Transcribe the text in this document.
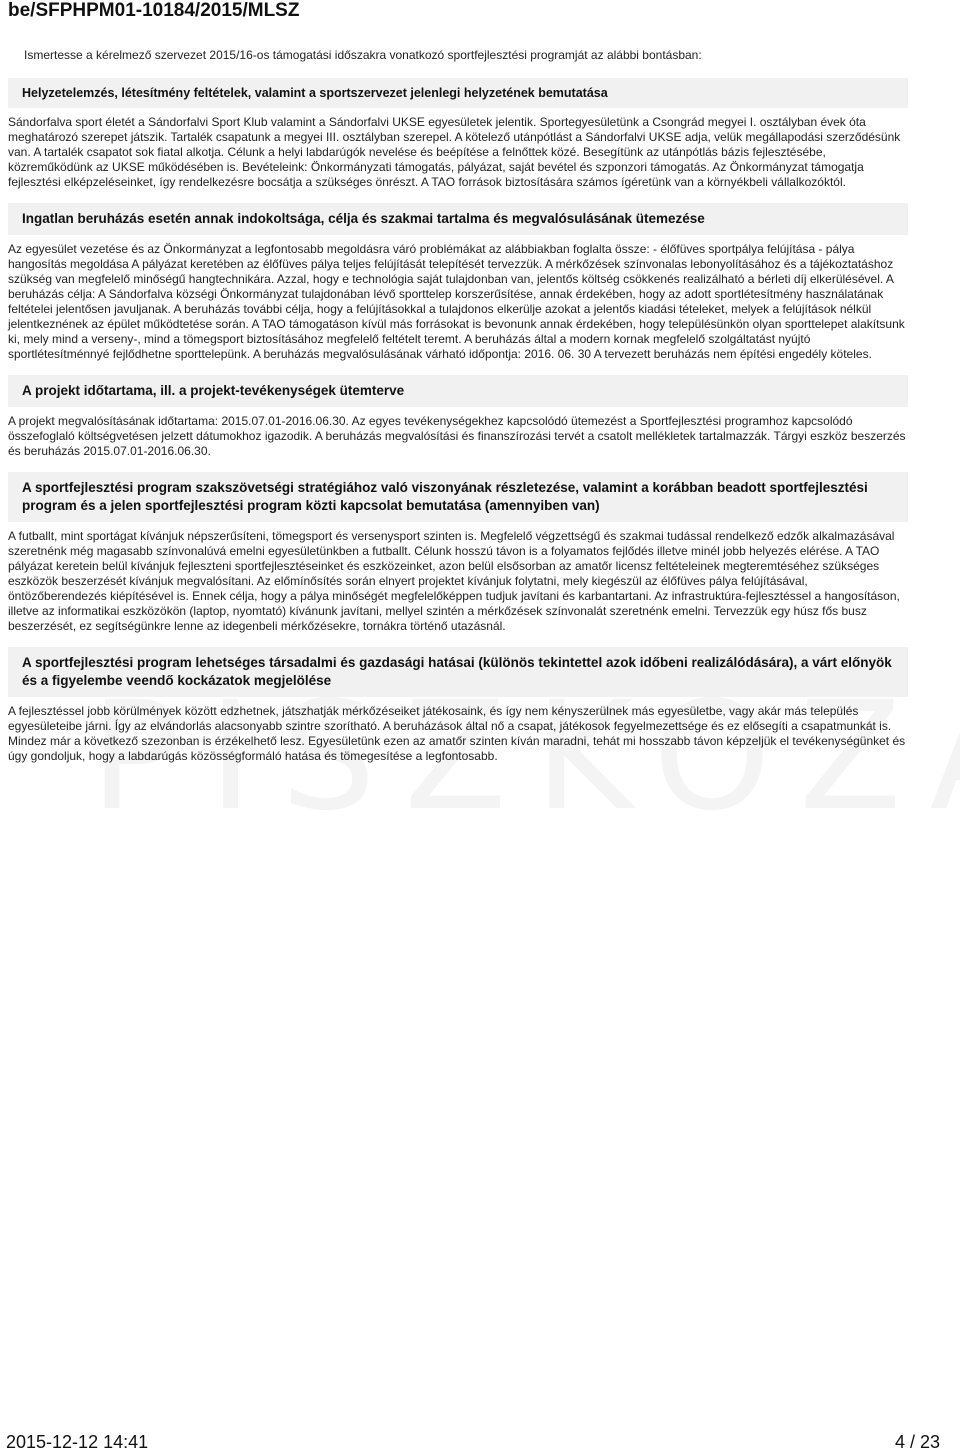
be/SFPHPM01-10184/2015/MLSZ

Ismertesse a kérelmező szervezet 2015/16-os támogatási időszakra vonatkozó sportfejlesztési programját az alábbi bontásban:

Helyzetelemzés, létesítmény feltételek, valamint a sportszervezet jelenlegi helyzetének bemutatása

Sándorfalva sport életét a Sándorfalvi Sport Klub valamint a Sándorfalvi UKSE egyesületek jelentik. Sportegyesületünk a Csongrád megyei I. osztályban évek óta meghatározó szerepet játszik. Tartalék csapatunk a megyei III. osztályban szerepel. A kötelező utánpótlást a Sándorfalvi UKSE adja, velük megállapodási szerződésünk van. A tartalék csapatot sok fiatal alkotja. Célunk a helyi labdarúgók nevelése és beépítése a felnőttek közé. Besegítünk az utánpótlás bázis fejlesztésébe, közreműködünk az UKSE működésében is. Bevételeink: Önkormányzati támogatás, pályázat, saját bevétel és szponzori támogatás. Az Önkormányzat támogatja fejlesztési elképzeléseinket, így rendelkezésre bocsátja a szükséges önrészt. A TAO források biztosítására számos ígéretünk van a környékbeli vállalkozóktól.

Ingatlan beruházás esetén annak indokoltsága, célja és szakmai tartalma és megvalósulásának ütemezése

Az egyesület vezetése és az Önkormányzat a legfontosabb megoldásra váró problémákat az alábbiakban foglalta össze: - élőfüves sportpálya felújítása - pálya hangosítás megoldása A pályázat keretében az élőfüves pálya teljes felújítását telepítését tervezzük. A mérkőzések színvonalas lebonyolításához és a tájékoztatáshoz szükség van megfelelő minőségű hangtechnikára. Azzal, hogy e technológia saját tulajdonban van, jelentős költség csökkenés realizálható a bérleti díj elkerülésével. A beruházás célja: A Sándorfalva községi Önkormányzat tulajdonában lévő sporttelep korszerűsítése, annak érdekében, hogy az adott sportlétesítmény használatának feltételei jelentősen javuljanak. A beruházás további célja, hogy a felújításokkal a tulajdonos elkerülje azokat a jelentős kiadási tételeket, melyek a felújítások nélkül jelentkeznének az épület működtetése során. A TAO támogatáson kívül más forrásokat is bevonunk annak érdekében, hogy településünkön olyan sporttelepet alakítsunk ki, mely mind a verseny-, mind a tömegsport biztosításához megfelelő feltételt teremt. A beruházás által a modern kornak megfelelő szolgáltatást nyújtó sportlétesítménnyé fejlődhetne sporttelepünk. A beruházás megvalósulásának várható időpontja: 2016. 06. 30 A tervezett beruházás nem építési engedély köteles.

A projekt időtartama, ill. a projekt-tevékenységek ütemterve

A projekt megvalósításának időtartama: 2015.07.01-2016.06.30. Az egyes tevékenységekhez kapcsolódó ütemezést a Sportfejlesztési programhoz kapcsolódó összefoglaló költségvetésen jelzett dátumokhoz igazodik. A beruházás megvalósítási és finanszírozási tervét a csatolt mellékletek tartalmazzák. Tárgyi eszköz beszerzés és beruházás 2015.07.01-2016.06.30.

A sportfejlesztési program szakszövetségi stratégiához való viszonyának részletezése, valamint a korábban beadott sportfejlesztési program és a jelen sportfejlesztési program közti kapcsolat bemutatása (amennyiben van)

A futballt, mint sportágat kívánjuk népszerűsíteni, tömegsport és versenysport szinten is. Megfelelő végzettségű és szakmai tudással rendelkező edzők alkalmazásával szeretnénk még magasabb színvonalúvá emelni egyesületünkben a futballt. Célunk hosszú távon is a folyamatos fejlődés illetve minél jobb helyezés elérése. A TAO pályázat keretein belül kívánjuk fejleszteni sportfejlesztéseinket és eszközeinket, azon belül elsősorban az amatőr licensz feltételeinek megteremtéséhez szükséges eszközök beszerzését kívánjuk megvalósítani. Az előmínősítés során elnyert projektet kívánjuk folytatni, mely kiegészül az élőfüves pálya felújításával, öntözőberendezés kiépítésével is. Ennek célja, hogy a pálya minőségét megfelelőképpen tudjuk javítani és karbantartani. Az infrastruktúra-fejlesztéssel a hangosításon, illetve az informatikai eszközökön (laptop, nyomtató) kívánunk javítani, mellyel szintén a mérkőzések színvonalát szeretnénk emelni. Tervezzük egy húsz fős busz beszerzését, ez segítségünkre lenne az idegenbeli mérkőzésekre, tornákra történő utazásnál.

A sportfejlesztési program lehetséges társadalmi és gazdasági hatásai (különös tekintettel azok időbeni realizálódására), a várt előnyök és a figyelembe veendő kockázatok megjelölése

A fejlesztéssel jobb körülmények között edzhetnek, játszhatják mérkőzéseiket játékosaink, és így nem kényszerülnek más egyesületbe, vagy akár más település egyesületeibe járni. Így az elvándorlás alacsonyabb szintre szorítható. A beruházások által nő a csapat, játékosok fegyelmezettsége és ez elősegíti a csapatmunkát is. Mindez már a következő szezonban is érzékelhető lesz. Egyesületünk ezen az amatőr szinten kíván maradni, tehát mi hosszabb távon képzeljük el tevékenységünket és úgy gondoljuk, hogy a labdarúgás közösségformáló hatása és tömegesítése a legfontosabb.

2015-12-12 14:41	4 / 23
